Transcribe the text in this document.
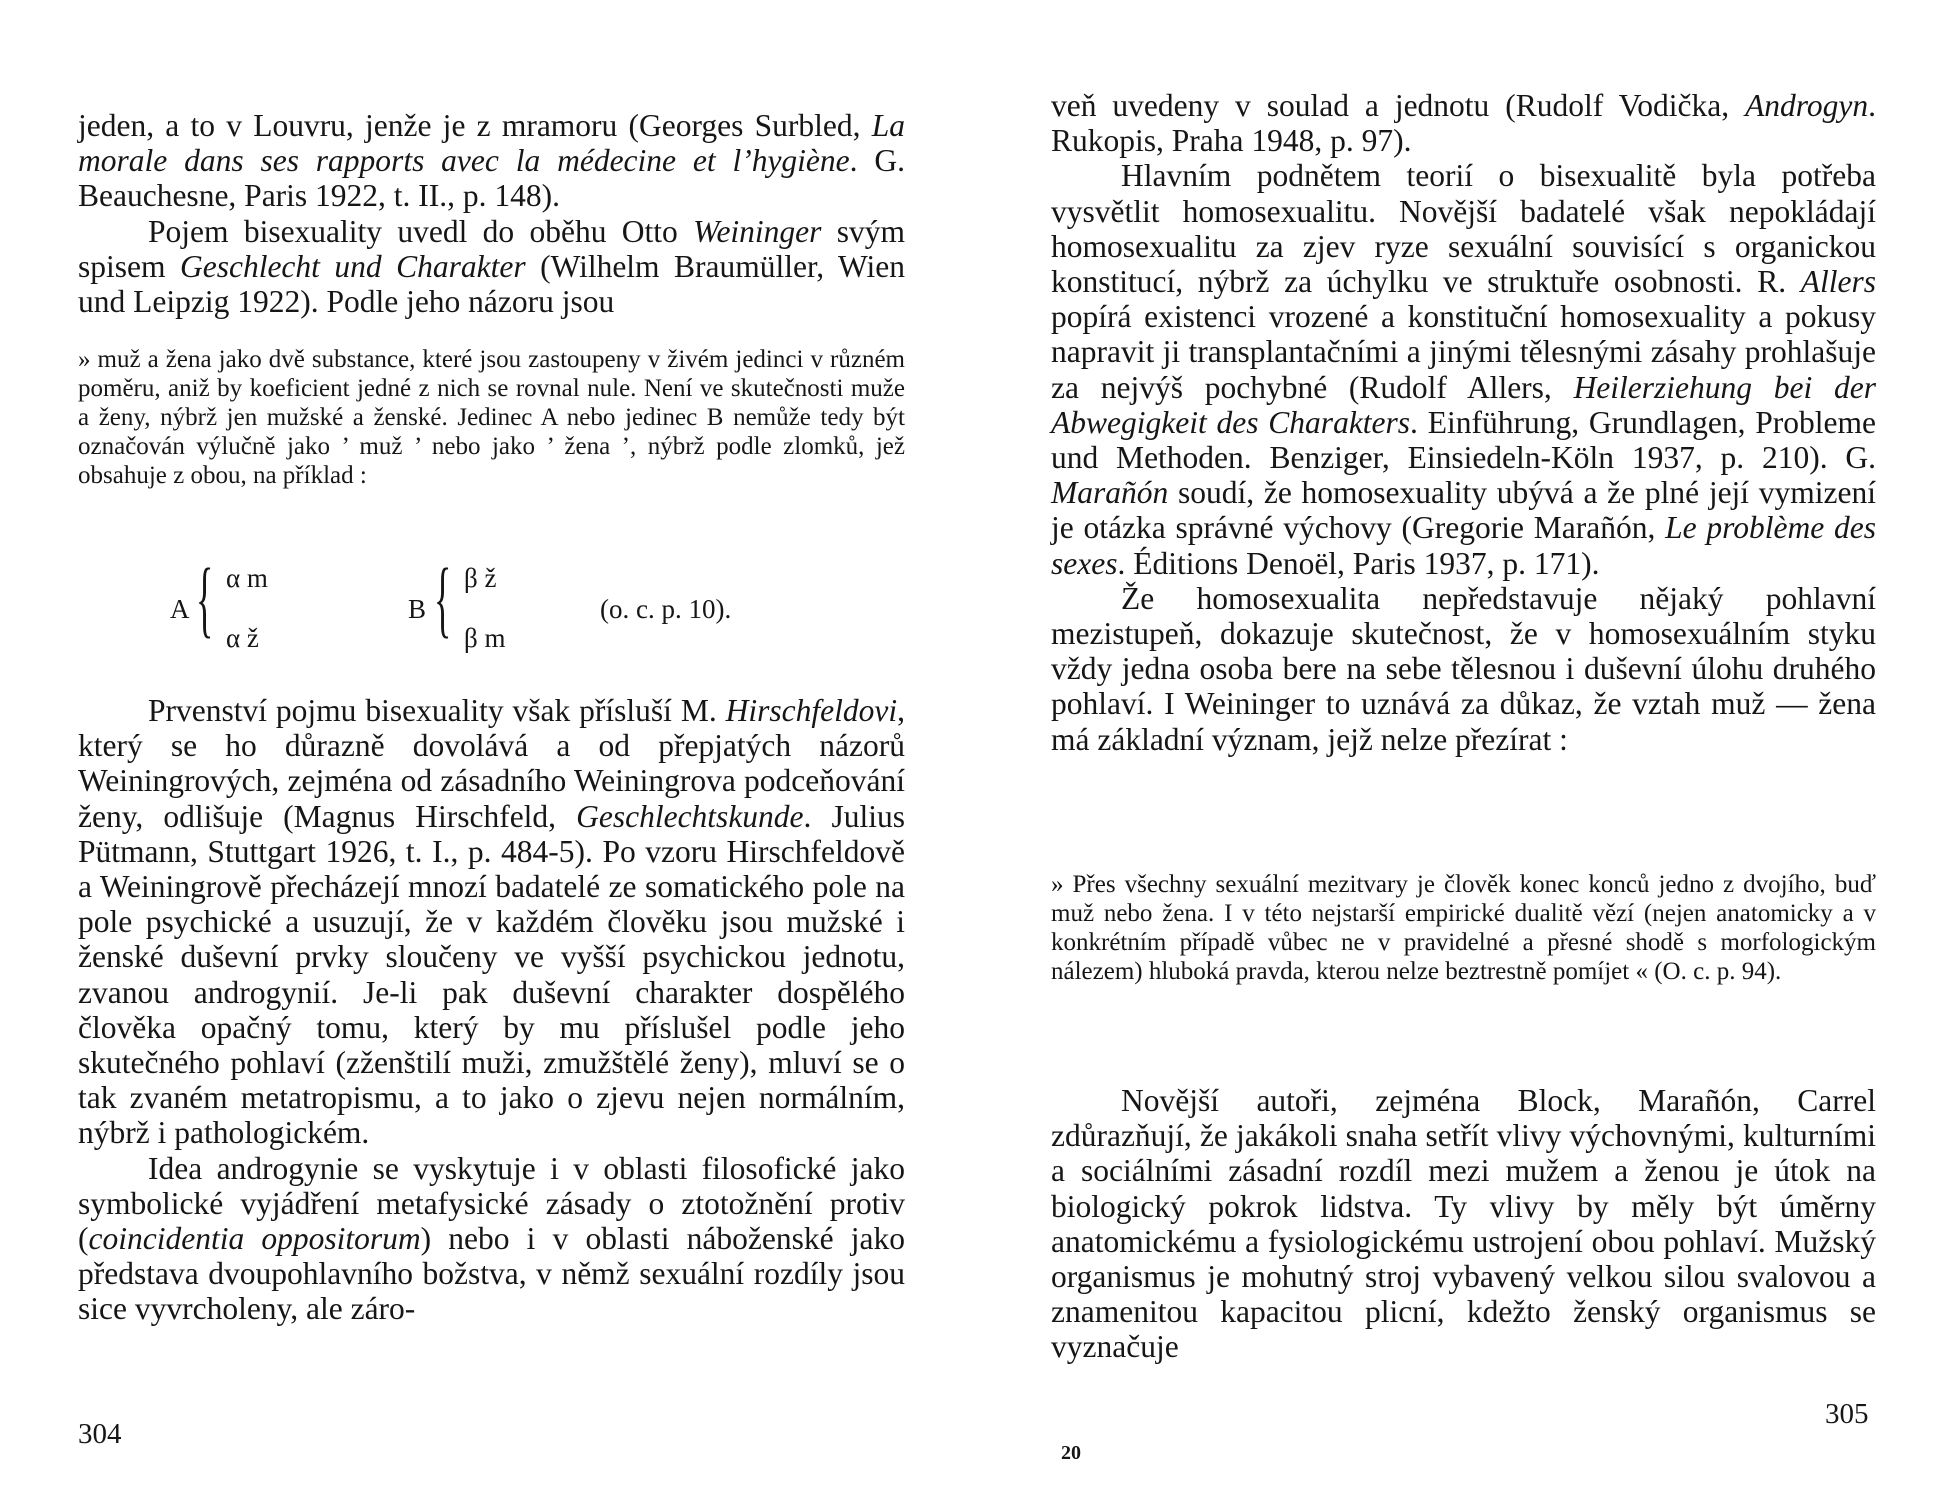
jeden, a to v Louvru, jenže je z mramoru (Georges Surbled, La morale dans ses rapports avec la médecine et l’hygiène. G. Beauchesne, Paris 1922, t. II., p. 148).

Pojem bisexuality uvedl do oběhu Otto Weininger svým spisem Geschlecht und Charakter (Wilhelm Braumüller, Wien und Leipzig 1922). Podle jeho názoru jsou

» muž a žena jako dvě substance, které jsou zastoupeny v živém jedinci v různém poměru, aniž by koeficient jedné z nich se rovnal nule. Není ve skutečnosti muže a ženy, nýbrž jen mužské a ženské. Jedinec A nebo jedinec B nemůže tedy být označován výlučně jako ’ muž ’ nebo jako ’ žena ’, nýbrž podle zlomků, jež obsahuje z obou, na příklad :

A { α m
α ž
B { β ž
β m
(o. c. p. 10).

Prvenství pojmu bisexuality však přísluší M. Hirschfeldovi, který se ho důrazně dovolává a od přepjatých názorů Weiningrových, zejména od zásadního Weiningrova podceňování ženy, odlišuje (Magnus Hirschfeld, Geschlechtskunde. Julius Pütmann, Stuttgart 1926, t. I., p. 484-5). Po vzoru Hirschfeldově a Weiningrově přecházejí mnozí badatelé ze somatického pole na pole psychické a usuzují, že v každém člověku jsou mužské i ženské duševní prvky sloučeny ve vyšší psychickou jednotu, zvanou androgynií. Je-li pak duševní charakter dospělého člověka opačný tomu, který by mu příslušel podle jeho skutečného pohlaví (zženštilí muži, zmužštělé ženy), mluví se o tak zvaném metatropismu, a to jako o zjevu nejen normálním, nýbrž i pathologickém.

Idea androgynie se vyskytuje i v oblasti filosofické jako symbolické vyjádření metafysické zásady o ztotožnění protiv (coincidentia oppositorum) nebo i v oblasti náboženské jako představa dvoupohlavního božstva, v němž sexuální rozdíly jsou sice vyvrcholeny, ale záro-

304

veň uvedeny v soulad a jednotu (Rudolf Vodička, Androgyn. Rukopis, Praha 1948, p. 97).

Hlavním podnětem teorií o bisexualitě byla potřeba vysvětlit homosexualitu. Novější badatelé však nepokládají homosexualitu za zjev ryze sexuální souvisící s organickou konstitucí, nýbrž za úchylku ve struktuře osobnosti. R. Allers popírá existenci vrozené a konstituční homosexuality a pokusy napravit ji transplantačními a jinými tělesnými zásahy prohlašuje za nejvýš pochybné (Rudolf Allers, Heilerziehung bei der Abwegigkeit des Charakters. Einführung, Grundlagen, Probleme und Methoden. Benziger, Einsiedeln-Köln 1937, p. 210). G. Marañón soudí, že homosexuality ubývá a že plné její vymizení je otázka správné výchovy (Gregorie Marañón, Le problème des sexes. Éditions Denoël, Paris 1937, p. 171).

Že homosexualita nepředstavuje nějaký pohlavní mezistupeň, dokazuje skutečnost, že v homosexuálním styku vždy jedna osoba bere na sebe tělesnou i duševní úlohu druhého pohlaví. I Weininger to uznává za důkaz, že vztah muž — žena má základní význam, jejž nelze přezírat :

» Přes všechny sexuální mezitvary je člověk konec konců jedno z dvojího, buď muž nebo žena. I v této nejstarší empirické dualitě vězí (nejen anatomicky a v konkrétním případě vůbec ne v pravidelné a přesné shodě s morfologickým nálezem) hluboká pravda, kterou nelze beztrestně pomíjet « (O. c. p. 94).

Novější autoři, zejména Block, Marañón, Carrel zdůrazňují, že jakákoli snaha setřít vlivy výchovnými, kulturními a sociálními zásadní rozdíl mezi mužem a ženou je útok na biologický pokrok lidstva. Ty vlivy by měly být úměrny anatomickému a fysiologickému ustrojení obou pohlaví. Mužský organismus je mohutný stroj vybavený velkou silou svalovou a znamenitou kapacitou plicní, kdežto ženský organismus se vyznačuje

305
20
